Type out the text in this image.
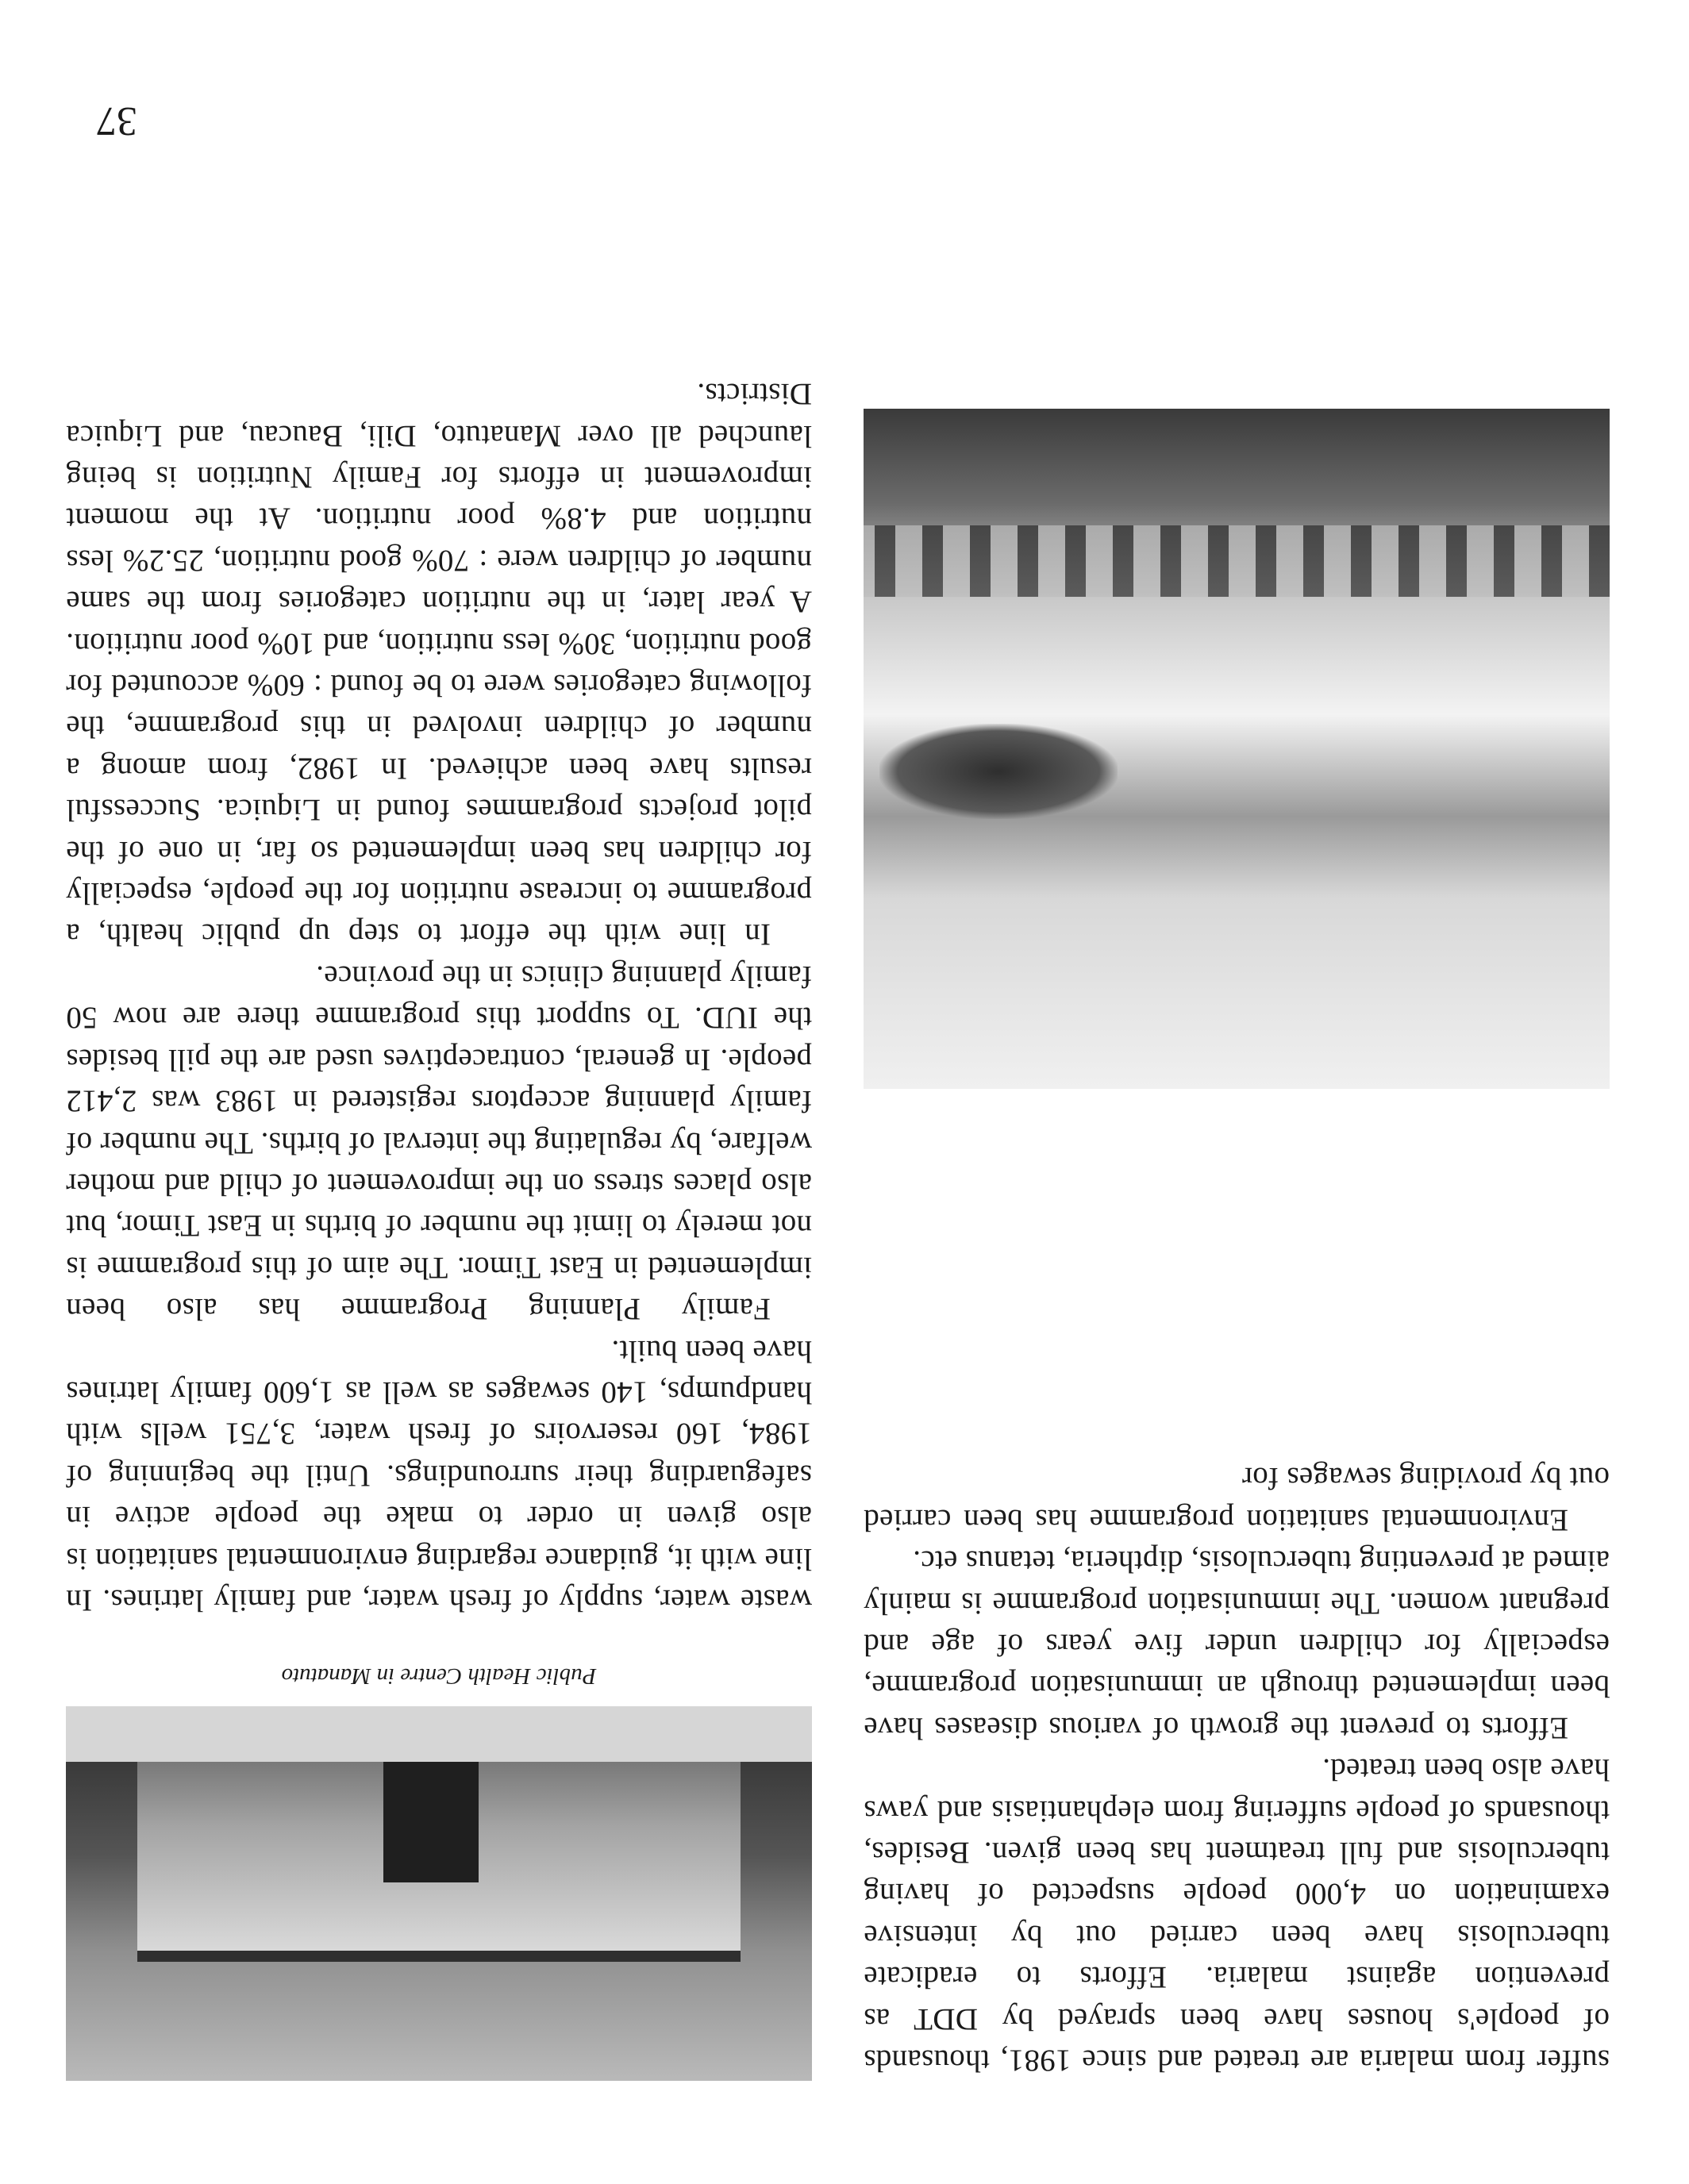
suffer from malaria are treated and since 1981, thousands of people's houses have been sprayed by DDT as prevention against malaria. Efforts to eradicate tuberculosis have been carried out by intensive examination on 4,000 people suspected of having tuberculosis and full treatment has been given. Besides, thousands of people suffering from elephantiasis and yaws have also been treated.

Efforts to prevent the growth of various diseases have been implemented through an immunisation programme, especially for children under five years of age and pregnant women. The immunisation programme is mainly aimed at preventing tuberculosis, diptheria, tetanus etc.

Environmental sanitation programme has been carried out by providing sewages for

Public Health Centre in Manatuto

waste water, supply of fresh water, and family latrines. In line with it, guidance regarding environmental sanitation is also given in order to make the people active in safeguarding their surroundings. Until the beginning of 1984, 160 reservoirs of fresh water, 3,751 wells with handpumps, 140 sewages as well as 1,600 family latrines have been built.

Family Planning Programme has also been implemented in East Timor. The aim of this programme is not merely to limit the number of births in East Timor, but also places stress on the improvement of child and mother welfare, by regulating the interval of births. The number of family planning acceptors registered in 1983 was 2,412 people. In general, contraceptives used are the pill besides the IUD. To support this programme there are now 50 family planning clinics in the province.

In line with the effort to step up public health, a programme to increase nutrition for the people, especially for children has been implemented so far, in one of the pilot projects programmes found in Liquica. Successful results have been achieved. In 1982, from among a number of children involved in this programme, the following categories were to be found : 60% accounted for good nutrition, 30% less nutrition, and 10% poor nutrition. A year later, in the nutrition categories from the same number of children were : 70% good nutrition, 25.2% less nutrition and 4.8% poor nutrition. At the moment improvement in efforts for Family Nutrition is being launched all over Manatuto, Dili, Baucau, and Liquica Districts.

37
